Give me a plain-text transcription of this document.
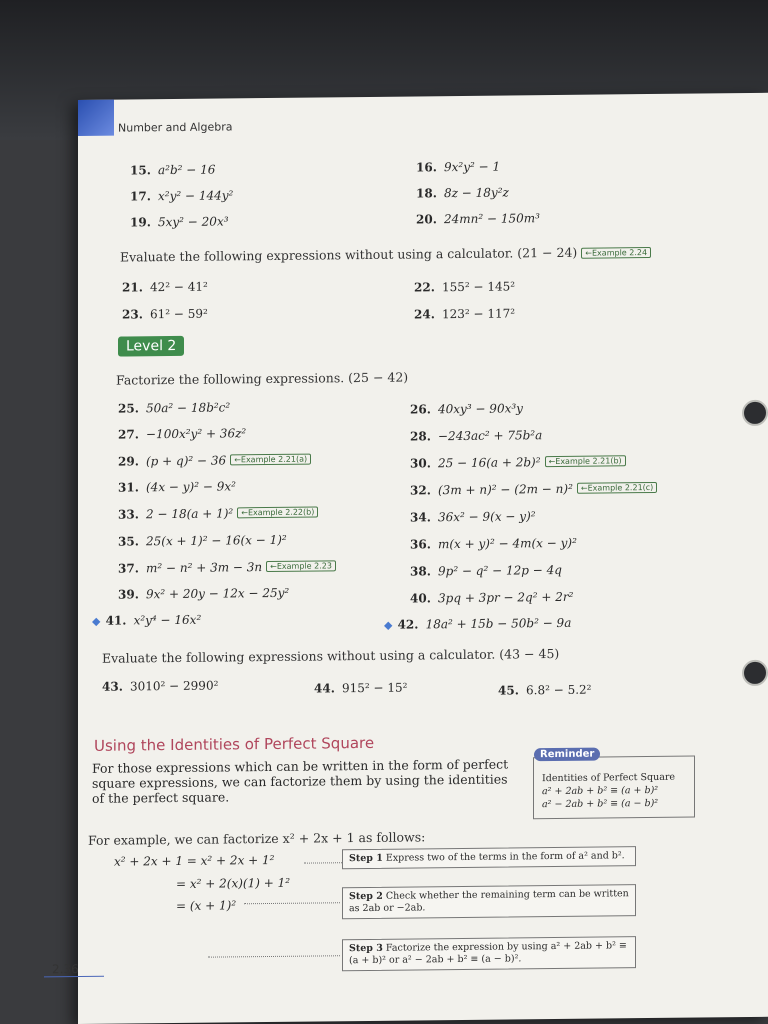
Number and Algebra
15. a²b² − 16	16. 9x²y² − 1
17. x²y² − 144y²	18. 8z − 18y²z
19. 5xy² − 20x³	20. 24mn² − 150m³
Evaluate the following expressions without using a calculator. (21 − 24) ←Example 2.24
21. 42² − 41²	22. 155² − 145²
23. 61² − 59²	24. 123² − 117²
Level 2
Factorize the following expressions. (25 − 42)
25. 50a² − 18b²c²	26. 40xy³ − 90x³y
27. −100x²y² + 36z²	28. −243ac² + 75b²a
29. (p + q)² − 36 ←Example 2.21(a)	30. 25 − 16(a + 2b)² ←Example 2.21(b)
31. (4x − y)² − 9x²	32. (3m + n)² − (2m − n)² ←Example 2.21(c)
33. 2 − 18(a + 1)² ←Example 2.22(b)	34. 36x² − 9(x − y)²
35. 25(x + 1)² − 16(x − 1)²	36. m(x + y)² − 4m(x − y)²
37. m² − n² + 3m − 3n ←Example 2.23	38. 9p² − q² − 12p − 4q
39. 9x² + 20y − 12x − 25y²	40. 3pq + 3pr − 2q² + 2r²
◆ 41. x²y⁴ − 16x²	◆ 42. 18a² + 15b − 50b² − 9a
Evaluate the following expressions without using a calculator. (43 − 45)
43. 3010² − 2990²	44. 915² − 15²	45. 6.8² − 5.2²
Using the Identities of Perfect Square
For those expressions which can be written in the form of perfect square expressions, we can factorize them by using the identities of the perfect square.
Reminder
Identities of Perfect Square
a² + 2ab + b² ≡ (a + b)²
a² − 2ab + b² ≡ (a − b)²
For example, we can factorize x² + 2x + 1 as follows:
x² + 2x + 1 = x² + 2x + 1²
= x² + 2(x)(1) + 1²
= (x + 1)²
Step 1 Express two of the terms in the form of a² and b².
Step 2 Check whether the remaining term can be written as 2ab or −2ab.
Step 3 Factorize the expression by using a² + 2ab + b² ≡ (a + b)² or a² − 2ab + b² ≡ (a − b)².
2.36
